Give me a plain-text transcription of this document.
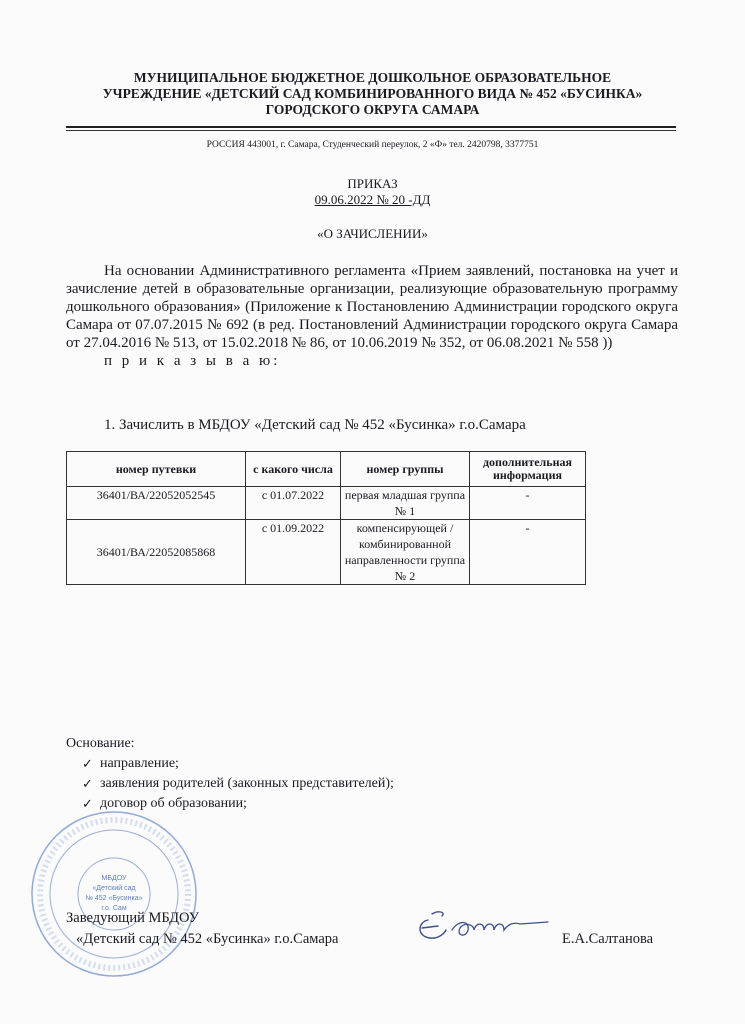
МУНИЦИПАЛЬНОЕ БЮДЖЕТНОЕ ДОШКОЛЬНОЕ ОБРАЗОВАТЕЛЬНОЕ
УЧРЕЖДЕНИЕ «ДЕТСКИЙ САД КОМБИНИРОВАННОГО ВИДА № 452 «БУСИНКА»
ГОРОДСКОГО ОКРУГА САМАРА
РОССИЯ 443001, г. Самара, Студенческий переулок, 2 «Ф» тел. 2420798, 3377751
ПРИКАЗ
09.06.2022 № 20 -ДД
«О ЗАЧИСЛЕНИИ»

На основании Административного регламента «Прием заявлений, постановка на учет и зачисление детей в образовательные организации, реализующие образовательную программу дошкольного образования» (Приложение к Постановлению Администрации городского округа Самара от 07.07.2015 № 692 (в ред. Постановлений Администрации городского округа Самара от 27.04.2016 № 513, от 15.02.2018 № 86, от 10.06.2019 № 352, от 06.08.2021 № 558 ))

п р и к а з ы в а ю:

1. Зачислить в МБДОУ «Детский сад № 452 «Бусинка» г.о.Самара
номер путевки	с какого числа	номер группы	дополнительная информация
36401/ВА/22052052545	с 01.07.2022	первая младшая группа № 1	-
36401/ВА/22052085868	с 01.09.2022	компенсирующей /комбинированной направленности группа № 2	-
Основание:
✓ направление;
✓ заявления родителей (законных представителей);
✓ договор об образовании;
МБДОУ
«Детский сад
№ 452 «Бусинка»
г.о. Сам
Заведующий МБДОУ
«Детский сад № 452 «Бусинка» г.о.Самара	Е.А.Салтанова
